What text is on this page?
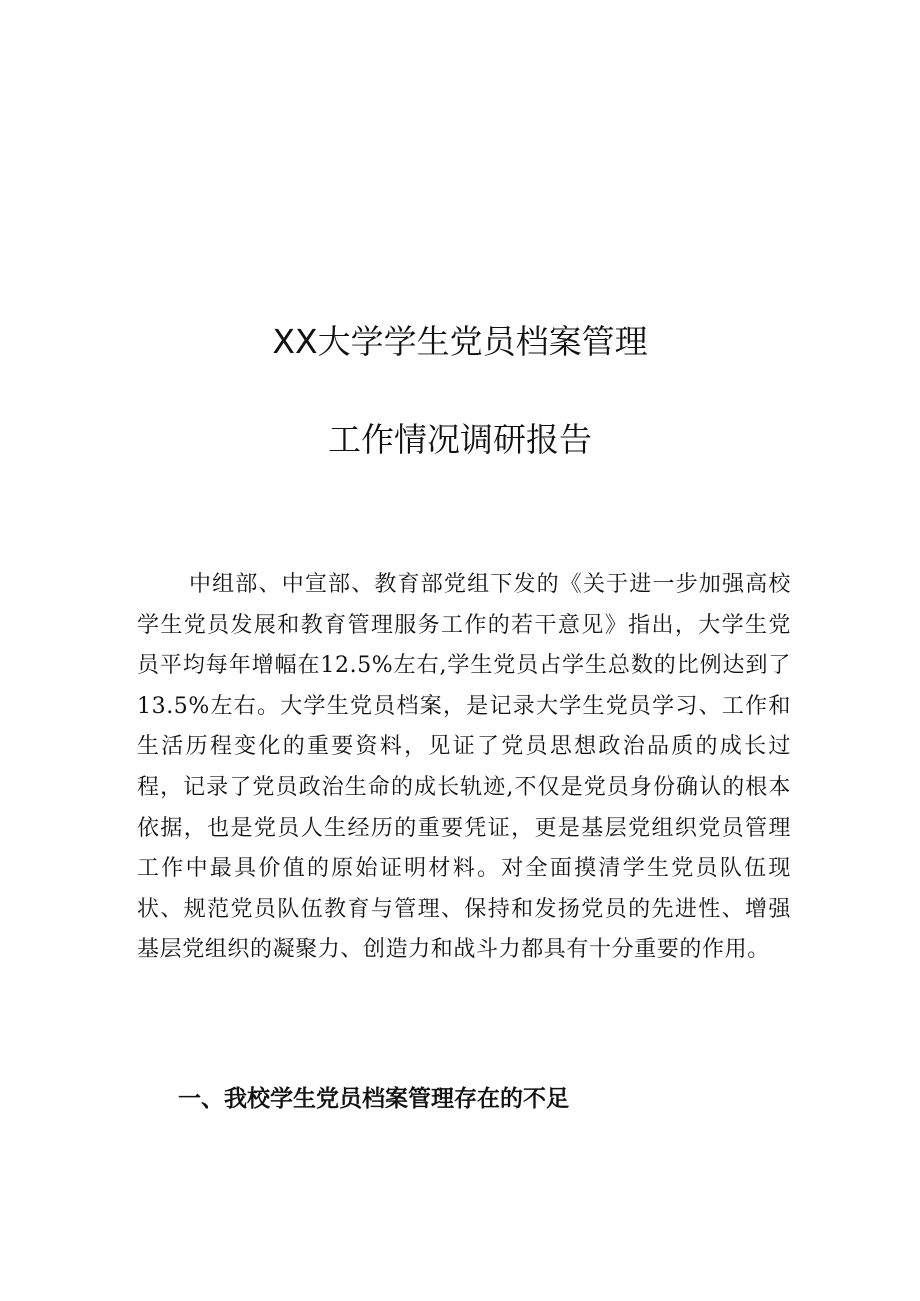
XX大学学生党员档案管理
工作情况调研报告

中组部、中宣部、教育部党组下发的《关于进一步加强高校学生党员发展和教育管理服务工作的若干意见》指出，大学生党员平均每年增幅在12.5%左右,学生党员占学生总数的比例达到了13.5%左右。大学生党员档案，是记录大学生党员学习、工作和生活历程变化的重要资料，见证了党员思想政治品质的成长过程，记录了党员政治生命的成长轨迹,不仅是党员身份确认的根本依据，也是党员人生经历的重要凭证，更是基层党组织党员管理工作中最具价值的原始证明材料。对全面摸清学生党员队伍现状、规范党员队伍教育与管理、保持和发扬党员的先进性、增强基层党组织的凝聚力、创造力和战斗力都具有十分重要的作用。

一、我校学生党员档案管理存在的不足
